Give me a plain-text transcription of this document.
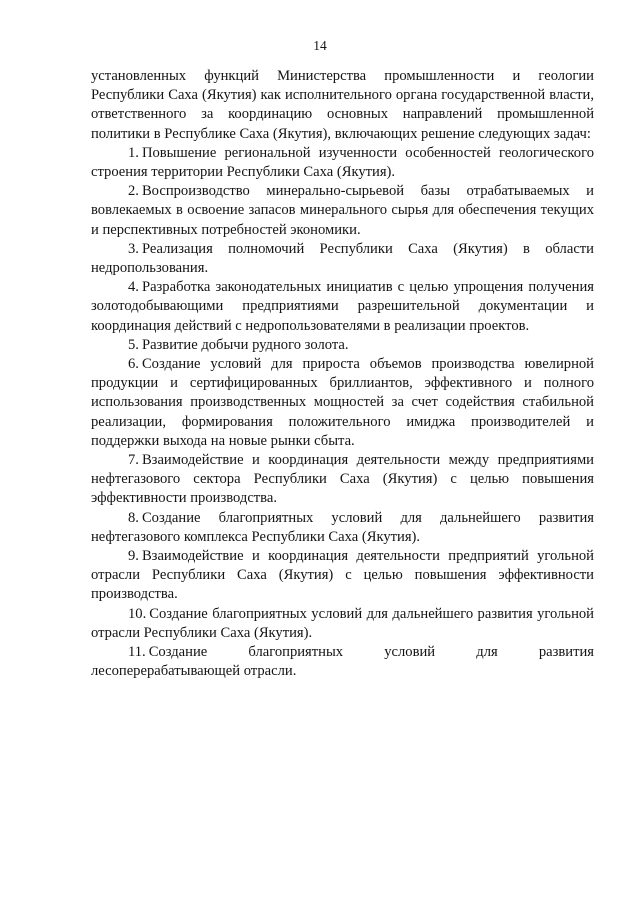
14

установленных функций Министерства промышленности и геологии Республики Саха (Якутия) как исполнительного органа государственной власти, ответственного за координацию основных направлений промышленной политики в Республике Саха (Якутия), включающих решение следующих задач:

1. Повышение региональной изученности особенностей геологического строения территории Республики Саха (Якутия).

2. Воспроизводство минерально-сырьевой базы отрабатываемых и вовлекаемых в освоение запасов минерального сырья для обеспечения текущих и перспективных потребностей экономики.

3. Реализация полномочий Республики Саха (Якутия) в области недропользования.

4. Разработка законодательных инициатив с целью упрощения получения золотодобывающими предприятиями разрешительной документации и координация действий с недропользователями в реализации проектов.

5. Развитие добычи рудного золота.

6. Создание условий для прироста объемов производства ювелирной продукции и сертифицированных бриллиантов, эффективного и полного использования производственных мощностей за счет содействия стабильной реализации, формирования положительного имиджа производителей и поддержки выхода на новые рынки сбыта.

7. Взаимодействие и координация деятельности между предприятиями нефтегазового сектора Республики Саха (Якутия) с целью повышения эффективности производства.

8. Создание благоприятных условий для дальнейшего развития нефтегазового комплекса Республики Саха (Якутия).

9. Взаимодействие и координация деятельности предприятий угольной отрасли Республики Саха (Якутия) с целью повышения эффективности производства.

10. Создание благоприятных условий для дальнейшего развития угольной отрасли Республики Саха (Якутия).

11. Создание благоприятных условий для развития лесоперерабатывающей отрасли.
